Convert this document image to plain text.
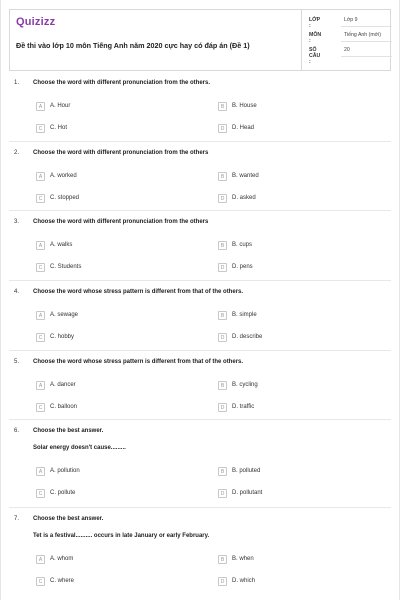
Quizizz
Đề thi vào lớp 10 môn Tiếng Anh năm 2020 cực hay có đáp án (Đề 1)
LỚP :
Lớp 9
MÔN :
Tiếng Anh (mới)
SỐ CÂU :
20
1. Choose the word with different pronunciation from the others.
A	A. Hour	B	B. House
C	C. Hot	D	D. Head
2. Choose the word with different pronunciation from the others
A	A. worked	B	B. wanted
C	C. stopped	D	D. asked
3. Choose the word with different pronunciation from the others
A	A. walks	B	B. cups
C	C. Students	D	D. pens
4. Choose the word whose stress pattern is different from that of the others.
A	A. sewage	B	B. simple
C	C. hobby	D	D. describe
5. Choose the word whose stress pattern is different from that of the others.
A	A. dancer	B	B. cycling
C	C. balloon	D	D. traffic
6. Choose the best answer.
Solar energy doesn't cause.........
A	A. pollution	B	B. polluted
C	C. pollute	D	D. pollutant
7. Choose the best answer.
Tet is a festival.......... occurs in late January or early February.
A	A. whom	B	B. when
C	C. where	D	D. which
